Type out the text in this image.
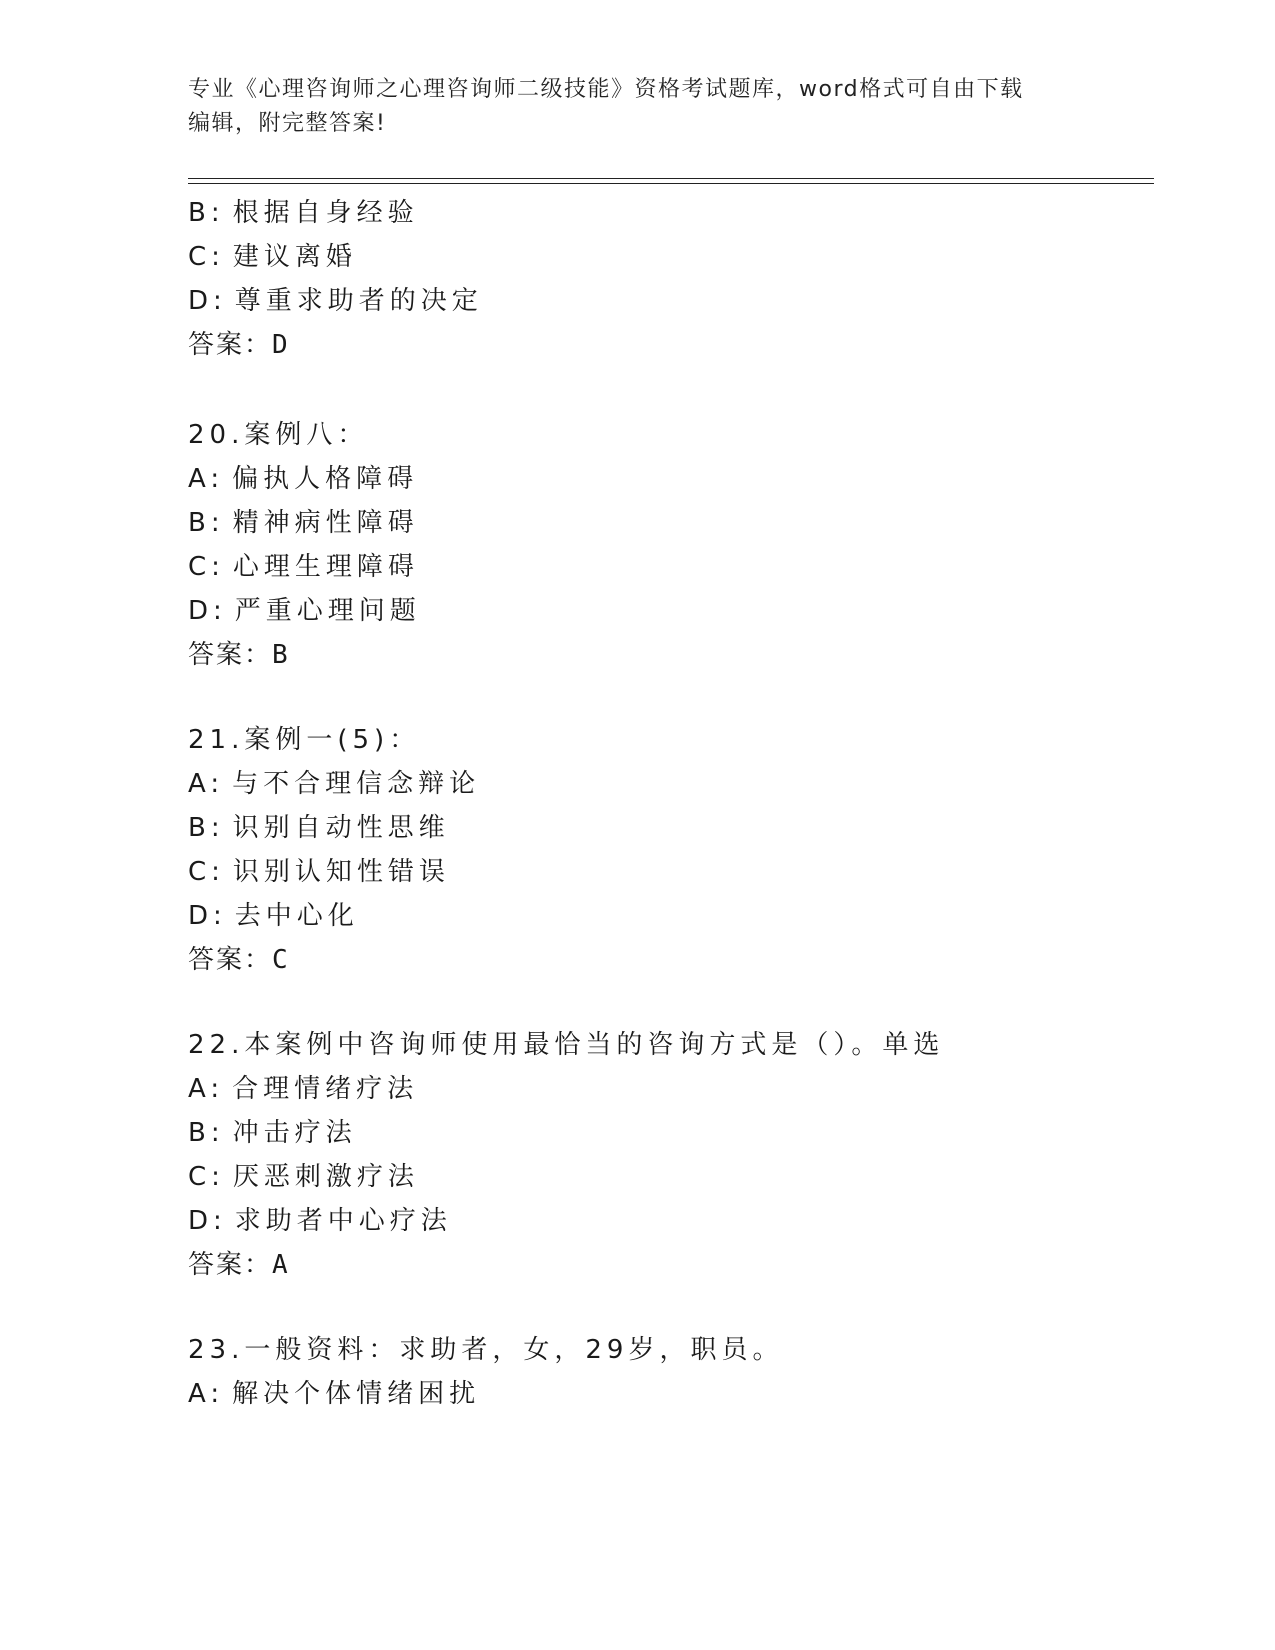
专业《心理咨询师之心理咨询师二级技能》资格考试题库，word格式可自由下载
编辑，附完整答案!
B: 根据自身经验
C: 建议离婚
D: 尊重求助者的决定
答案：D
20.案例八：
A: 偏执人格障碍
B: 精神病性障碍
C: 心理生理障碍
D: 严重心理问题
答案：B
21.案例一(5)：
A: 与不合理信念辩论
B: 识别自动性思维
C: 识别认知性错误
D: 去中心化
答案：C
22.本案例中咨询师使用最恰当的咨询方式是（）。单选
A: 合理情绪疗法
B: 冲击疗法
C: 厌恶刺激疗法
D: 求助者中心疗法
答案：A
23.一般资料：求助者，女，29岁，职员。
A: 解决个体情绪困扰
